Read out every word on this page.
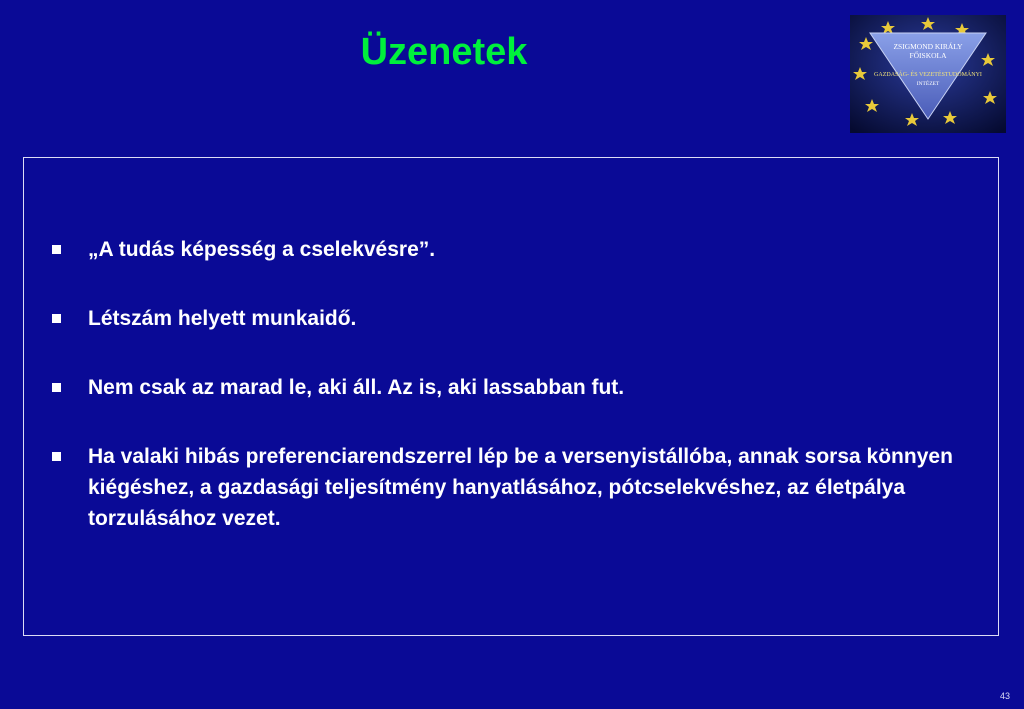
Üzenetek	ZSIGMOND KIRÁLY
FŐISKOLA
GAZDASÁG- ÉS VEZETÉSTUDOMÁNYI
INTÉZET
„A tudás képesség a cselekvésre”.
Létszám helyett munkaidő.
Nem csak az marad le, aki áll. Az is, aki lassabban fut.
Ha valaki hibás preferenciarendszerrel lép be a versenyistállóba, annak sorsa könnyen kiégéshez, a gazdasági teljesítmény hanyatlásához, pótcselekvéshez, az életpálya torzulásához vezet.
43
